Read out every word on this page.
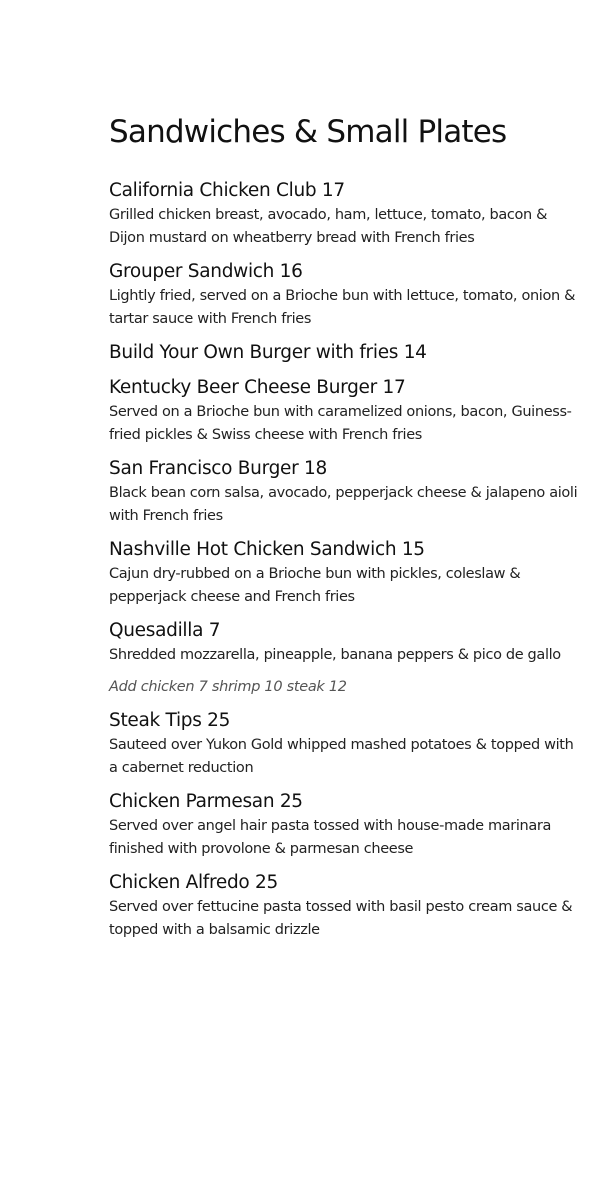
Sandwiches & Small Plates
California Chicken Club 17
Grilled chicken breast, avocado, ham, lettuce, tomato, bacon & Dijon mustard on wheatberry bread with French fries
Grouper Sandwich 16
Lightly fried, served on a Brioche bun with lettuce, tomato, onion & tartar sauce with French fries
Build Your Own Burger with fries 14
Kentucky Beer Cheese Burger 17
Served on a Brioche bun with caramelized onions, bacon, Guiness-fried pickles & Swiss cheese with French fries
San Francisco Burger 18
Black bean corn salsa, avocado, pepperjack cheese & jalapeno aioli with French fries
Nashville Hot Chicken Sandwich 15
Cajun dry-rubbed on a Brioche bun with pickles, coleslaw & pepperjack cheese and French fries
Quesadilla 7
Shredded mozzarella, pineapple, banana peppers & pico de gallo
Add chicken 7 shrimp 10 steak 12
Steak Tips 25
Sauteed over Yukon Gold whipped mashed potatoes & topped with a cabernet reduction
Chicken Parmesan 25
Served over angel hair pasta tossed with house-made marinara finished with provolone & parmesan cheese
Chicken Alfredo 25
Served over fettucine pasta tossed with basil pesto cream sauce & topped with a balsamic drizzle
